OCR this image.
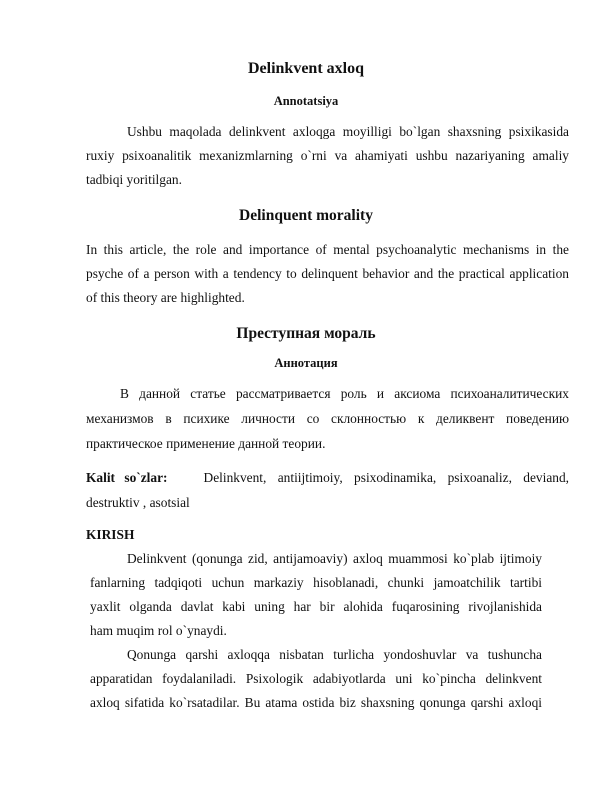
Delinkvent axloq
Annotatsiya
Ushbu maqolada delinkvent axloqga moyilligi bo`lgan shaxsning psixikasida
ruxiy psixoanalitik mexanizmlarning o`rni va ahamiyati ushbu nazariyaning amaliy
tadbiqi yoritilgan.
Delinquent morality
In this article, the role and importance of mental psychoanalytic mechanisms in the
psyche of a person with a tendency to delinquent behavior and the practical application
of this theory are highlighted.
Преступная мораль
Аннотация
В данной статье рассматривается роль и аксиома психоаналитических
механизмов в психике личности со склонностью к деликвент поведению
практическое применение данной теории.
Kalit so`zlar:	Delinkvent, antiijtimoiy, psixodinamika, psixoanaliz, deviand,
destruktiv , asotsial
KIRISH
Delinkvent (qonunga zid, antijamoaviy) axloq muammosi ko`plab ijtimoiy
fanlarning tadqiqoti uchun markaziy hisoblanadi, chunki jamoatchilik tartibi
yaxlit olganda davlat kabi uning har bir alohida fuqarosining rivojlanishida
ham muqim rol o`ynaydi.
Qonunga qarshi axloqqa nisbatan turlicha yondoshuvlar va tushuncha
apparatidan foydalaniladi. Psixologik adabiyotlarda uni ko`pincha delinkvent
axloq sifatida ko`rsatadilar. Bu atama ostida biz shaxsning qonunga qarshi axloqi
